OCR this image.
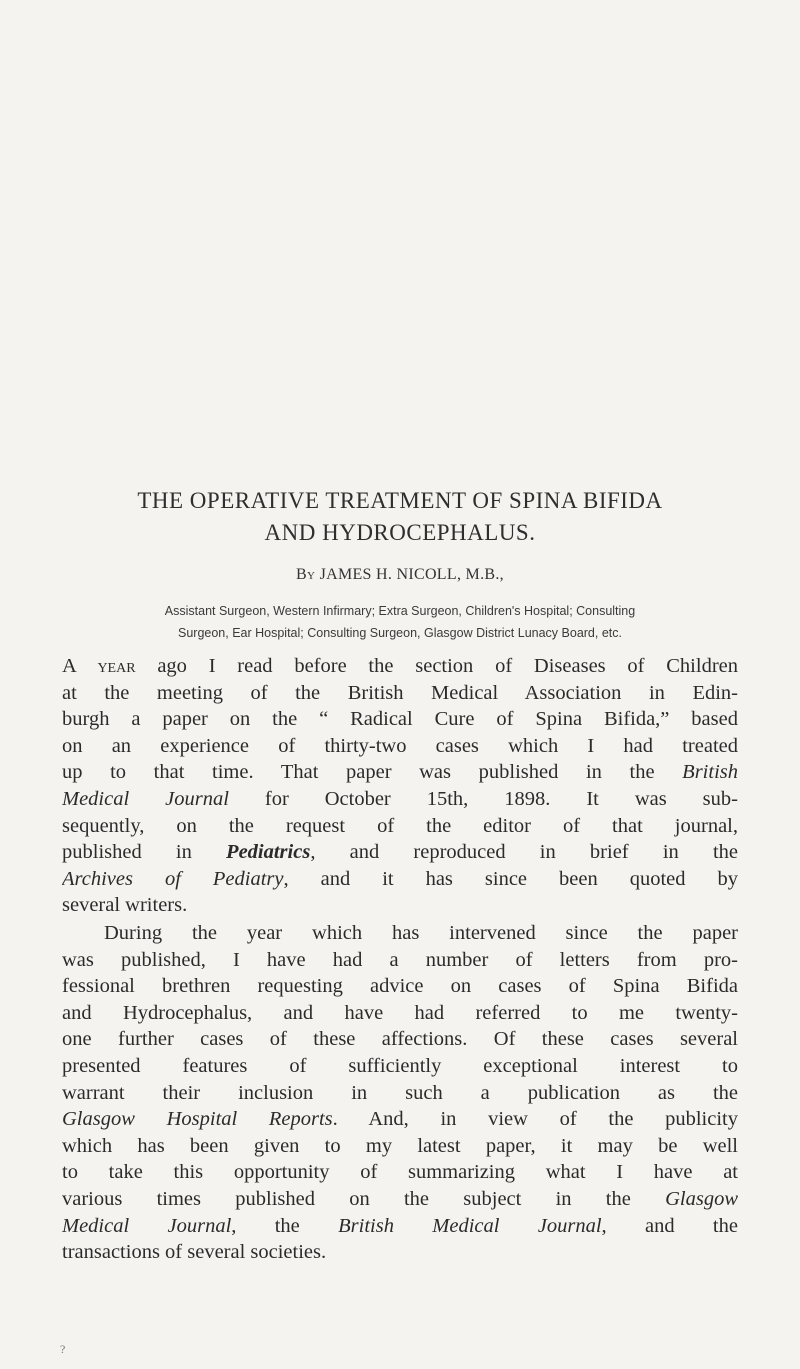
THE OPERATIVE TREATMENT OF SPINA BIFIDA
AND HYDROCEPHALUS.
By JAMES H. NICOLL, M.B.,
Assistant Surgeon, Western Infirmary; Extra Surgeon, Children's Hospital; Consulting
Surgeon, Ear Hospital; Consulting Surgeon, Glasgow District Lunacy Board, etc.
A year ago I read before the section of Diseases of Children
at the meeting of the British Medical Association in Edin-
burgh a paper on the “ Radical Cure of Spina Bifida,” based
on an experience of thirty-two cases which I had treated
up to that time. That paper was published in the British
Medical Journal for October 15th, 1898. It was sub-
sequently, on the request of the editor of that journal,
published in Pediatrics, and reproduced in brief in the
Archives of Pediatry, and it has since been quoted by
several writers.
During the year which has intervened since the paper
was published, I have had a number of letters from pro-
fessional brethren requesting advice on cases of Spina Bifida
and Hydrocephalus, and have had referred to me twenty-
one further cases of these affections. Of these cases several
presented features of sufficiently exceptional interest to
warrant their inclusion in such a publication as the
Glasgow Hospital Reports. And, in view of the publicity
which has been given to my latest paper, it may be well
to take this opportunity of summarizing what I have at
various times published on the subject in the Glasgow
Medical Journal, the British Medical Journal, and the
transactions of several societies.
?
